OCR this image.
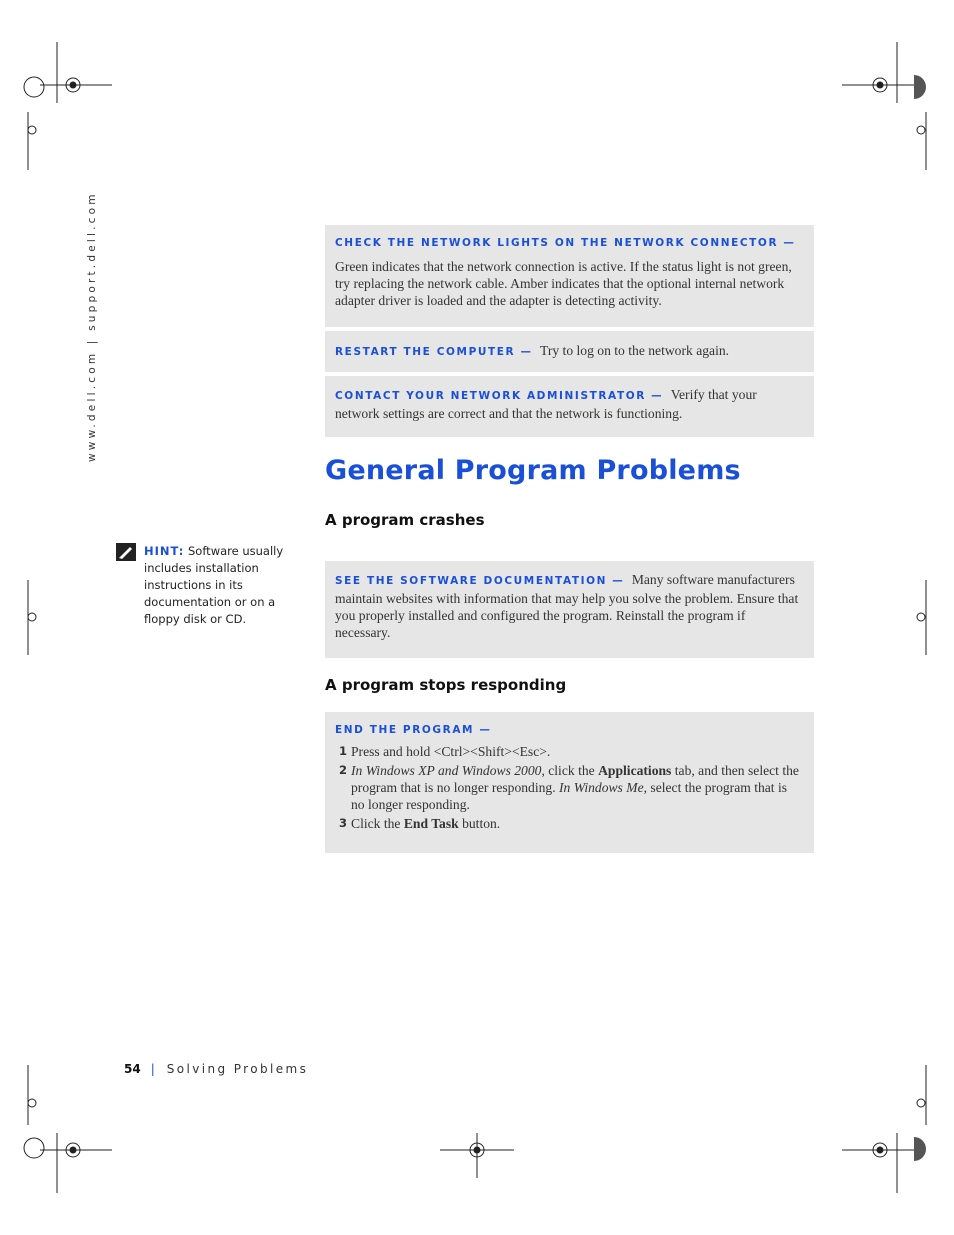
www.dell.com | support.dell.com	CHECK THE NETWORK LIGHTS ON THE NETWORK CONNECTOR —
Green indicates that the network connection is active. If the status light is not green, try replacing the network cable. Amber indicates that the optional internal network adapter driver is loaded and the adapter is detecting activity.
RESTART THE COMPUTER — Try to log on to the network again.
CONTACT YOUR NETWORK ADMINISTRATOR — Verify that your network settings are correct and that the network is functioning.
General Program Problems
A program crashes
HINT: Software usually includes installation instructions in its documentation or on a floppy disk or CD.
SEE THE SOFTWARE DOCUMENTATION — Many software manufacturers maintain websites with information that may help you solve the problem. Ensure that you properly installed and configured the program. Reinstall the program if necessary.
A program stops responding
END THE PROGRAM —
1 Press and hold <Ctrl><Shift><Esc>.
2 In Windows XP and Windows 2000, click the Applications tab, and then select the program that is no longer responding. In Windows Me, select the program that is no longer responding.
3 Click the End Task button.
54 | Solving Problems
